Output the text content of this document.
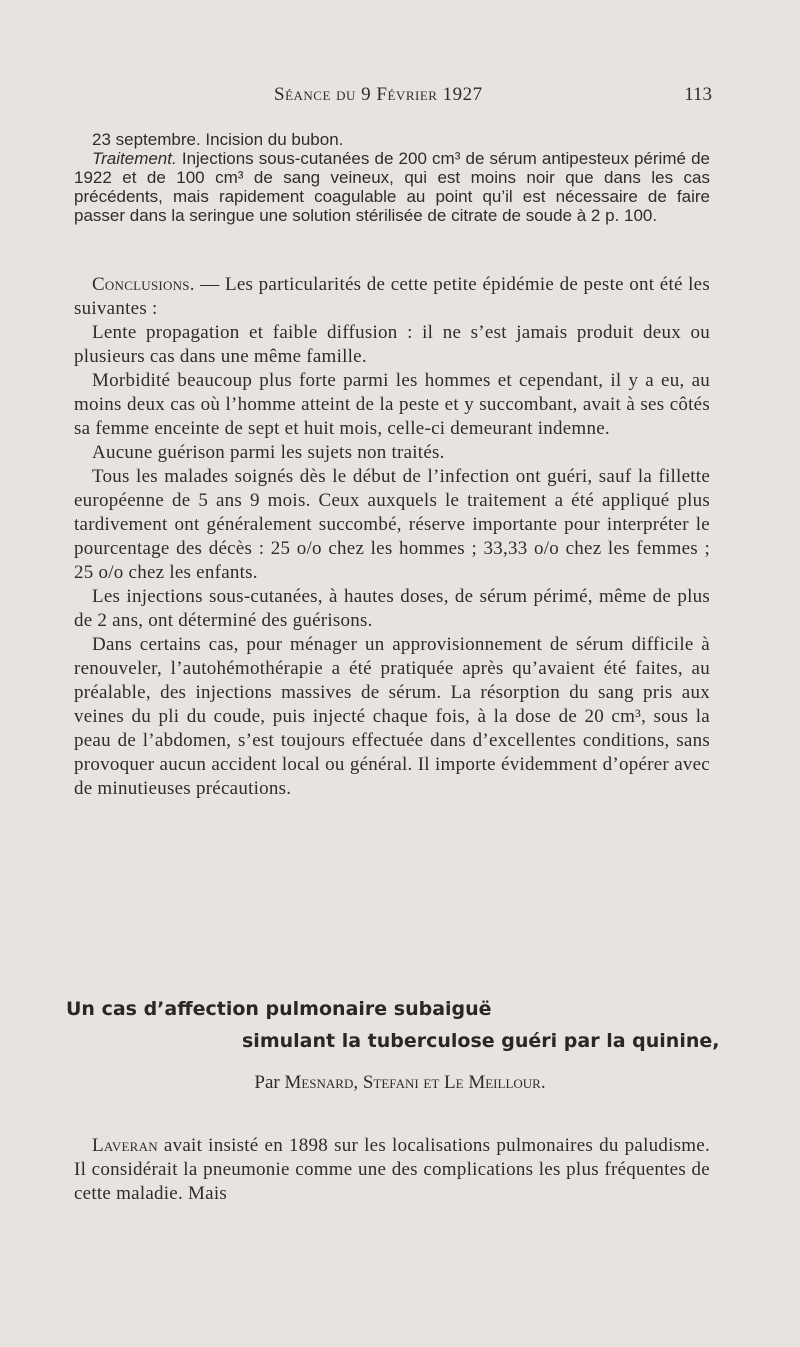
Séance du 9 Février 1927	113

23 septembre. Incision du bubon.

Traitement. Injections sous-cutanées de 200 cm³ de sérum antipesteux périmé de 1922 et de 100 cm³ de sang veineux, qui est moins noir que dans les cas précédents, mais rapidement coagulable au point qu’il est nécessaire de faire passer dans la seringue une solution stérilisée de citrate de soude à 2 p. 100.

Conclusions. — Les particularités de cette petite épidémie de peste ont été les suivantes :

Lente propagation et faible diffusion : il ne s’est jamais produit deux ou plusieurs cas dans une même famille.

Morbidité beaucoup plus forte parmi les hommes et cependant, il y a eu, au moins deux cas où l’homme atteint de la peste et y succombant, avait à ses côtés sa femme enceinte de sept et huit mois, celle-ci demeurant indemne.

Aucune guérison parmi les sujets non traités.

Tous les malades soignés dès le début de l’infection ont guéri, sauf la fillette européenne de 5 ans 9 mois. Ceux auxquels le traitement a été appliqué plus tardivement ont généralement succombé, réserve importante pour interpréter le pourcentage des décès : 25 o/o chez les hommes ; 33,33 o/o chez les femmes ; 25 o/o chez les enfants.

Les injections sous-cutanées, à hautes doses, de sérum périmé, même de plus de 2 ans, ont déterminé des guérisons.

Dans certains cas, pour ménager un approvisionnement de sérum difficile à renouveler, l’autohémothérapie a été pratiquée après qu’avaient été faites, au préalable, des injections massives de sérum. La résorption du sang pris aux veines du pli du coude, puis injecté chaque fois, à la dose de 20 cm³, sous la peau de l’abdomen, s’est toujours effectuée dans d’excellentes conditions, sans provoquer aucun accident local ou général. Il importe évidemment d’opérer avec de minutieuses précautions.

Un cas d’affection pulmonaire subaiguë
simulant la tuberculose guéri par la quinine,
Par Mesnard, Stefani et Le Meillour.

Laveran avait insisté en 1898 sur les localisations pulmonaires du paludisme. Il considérait la pneumonie comme une des complications les plus fréquentes de cette maladie. Mais
